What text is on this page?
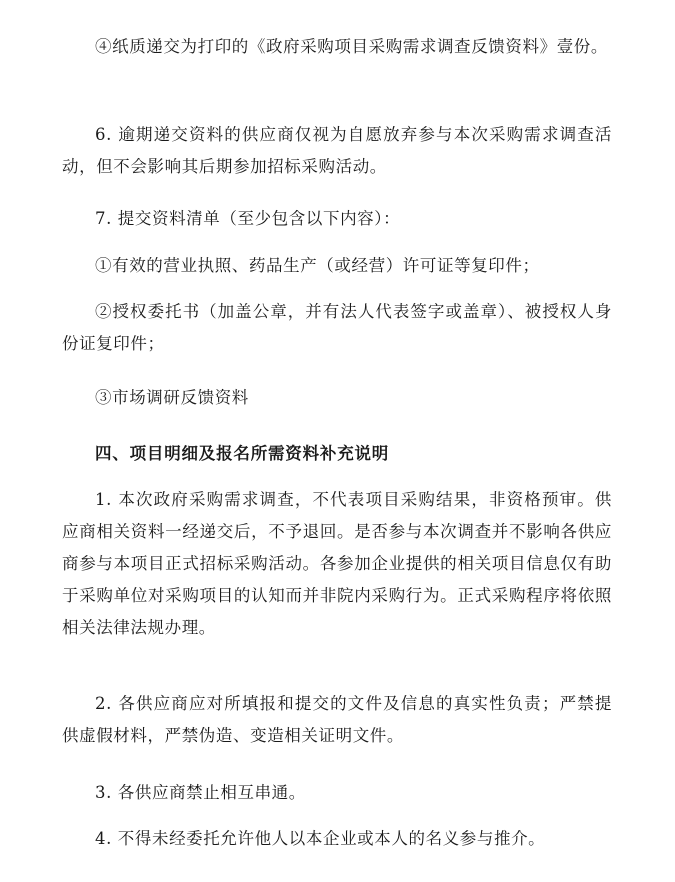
④纸质递交为打印的《政府采购项目采购需求调查反馈资料》壹份。

6. 逾期递交资料的供应商仅视为自愿放弃参与本次采购需求调查活动，但不会影响其后期参加招标采购活动。

7. 提交资料清单（至少包含以下内容）：

①有效的营业执照、药品生产（或经营）许可证等复印件；

②授权委托书（加盖公章，并有法人代表签字或盖章）、被授权人身份证复印件；

③市场调研反馈资料

四、项目明细及报名所需资料补充说明

1. 本次政府采购需求调查，不代表项目采购结果，非资格预审。供应商相关资料一经递交后，不予退回。是否参与本次调查并不影响各供应商参与本项目正式招标采购活动。各参加企业提供的相关项目信息仅有助于采购单位对采购项目的认知而并非院内采购行为。正式采购程序将依照相关法律法规办理。

2. 各供应商应对所填报和提交的文件及信息的真实性负责；严禁提供虚假材料，严禁伪造、变造相关证明文件。

3. 各供应商禁止相互串通。

4. 不得未经委托允许他人以本企业或本人的名义参与推介。
